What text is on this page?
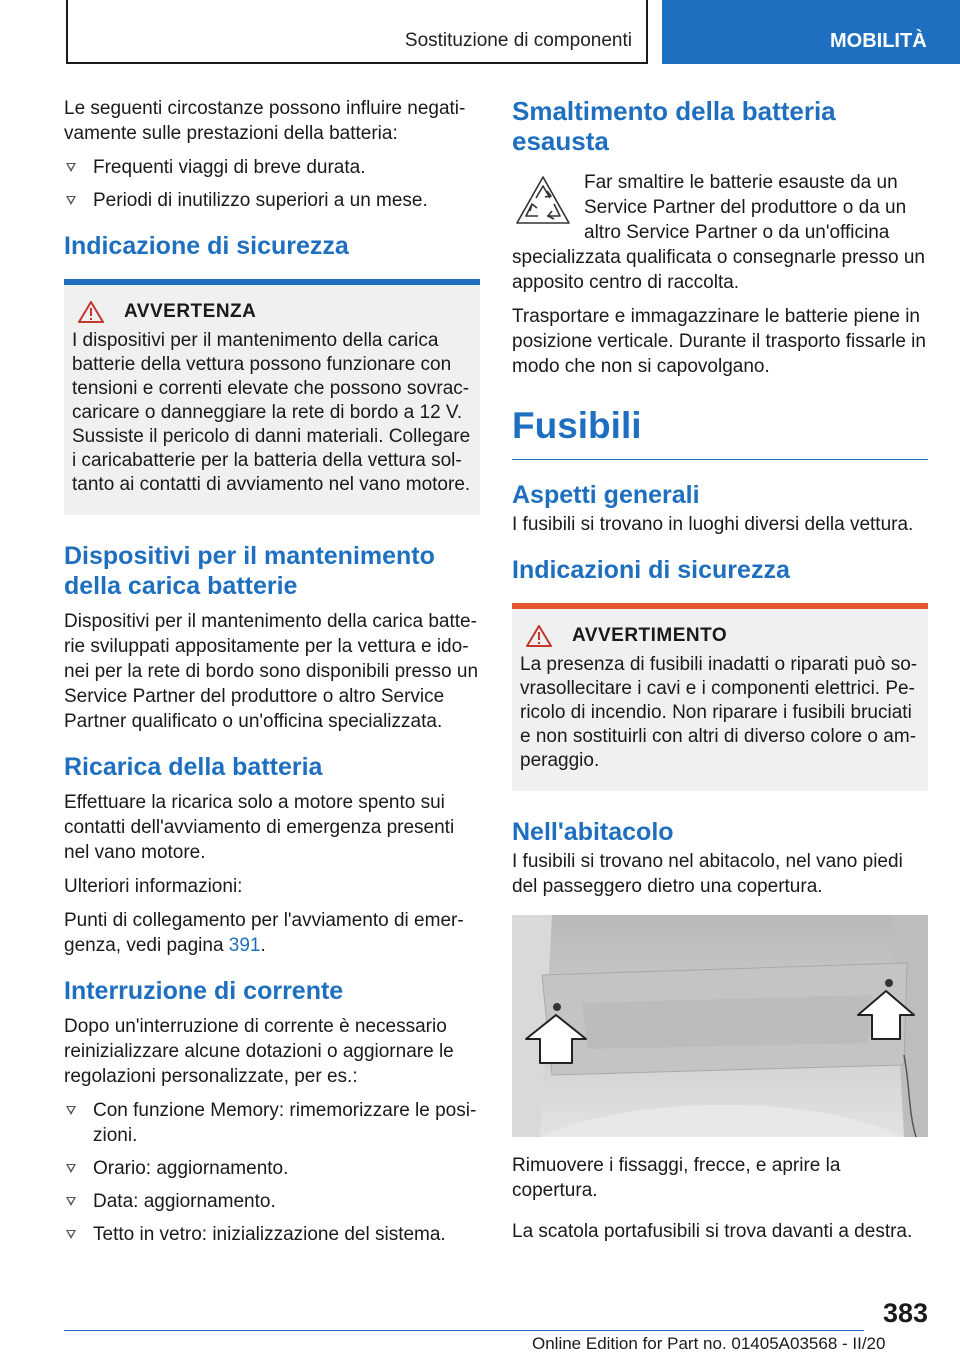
Sostituzione di componenti	MOBILITÀ

Le seguenti circostanze possono influire negativamente sulle prestazioni della batteria:

Frequenti viaggi di breve durata.
Periodi di inutilizzo superiori a un mese.
Indicazione di sicurezza
AVVERTENZA

I dispositivi per il mantenimento della carica batterie della vettura possono funzionare con tensioni e correnti elevate che possono sovraccaricare o danneggiare la rete di bordo a 12 V. Sussiste il pericolo di danni materiali. Collegare i caricabatterie per la batteria della vettura soltanto ai contatti di avviamento nel vano motore.

Dispositivi per il mantenimento della carica batterie

Dispositivi per il mantenimento della carica batterie sviluppati appositamente per la vettura e idonei per la rete di bordo sono disponibili presso un Service Partner del produttore o altro Service Partner qualificato o un'officina specializzata.

Ricarica della batteria

Effettuare la ricarica solo a motore spento sui contatti dell'avviamento di emergenza presenti nel vano motore.

Ulteriori informazioni:

Punti di collegamento per l'avviamento di emergenza, vedi pagina 391.

Interruzione di corrente

Dopo un'interruzione di corrente è necessario reinizializzare alcune dotazioni o aggiornare le regolazioni personalizzate, per es.:

Con funzione Memory: rimemorizzare le posizioni.
Orario: aggiornamento.
Data: aggiornamento.
Tetto in vetro: inizializzazione del sistema.
Smaltimento della batteria esausta

Far smaltire le batterie esauste da un Service Partner del produttore o da un altro Service Partner o da un'officina specializzata qualificata o consegnarle presso un apposito centro di raccolta.

Trasportare e immagazzinare le batterie piene in posizione verticale. Durante il trasporto fissarle in modo che non si capovolgano.

Fusibili
Aspetti generali

I fusibili si trovano in luoghi diversi della vettura.

Indicazioni di sicurezza
AVVERTIMENTO

La presenza di fusibili inadatti o riparati può sovrasollecitare i cavi e i componenti elettrici. Pericolo di incendio. Non riparare i fusibili bruciati e non sostituirli con altri di diverso colore o amperaggio.

Nell'abitacolo

I fusibili si trovano nel abitacolo, nel vano piedi del passeggero dietro una copertura.

Rimuovere i fissaggi, frecce, e aprire la copertura.

La scatola portafusibili si trova davanti a destra.

383
Online Edition for Part no. 01405A03568 - II/20
